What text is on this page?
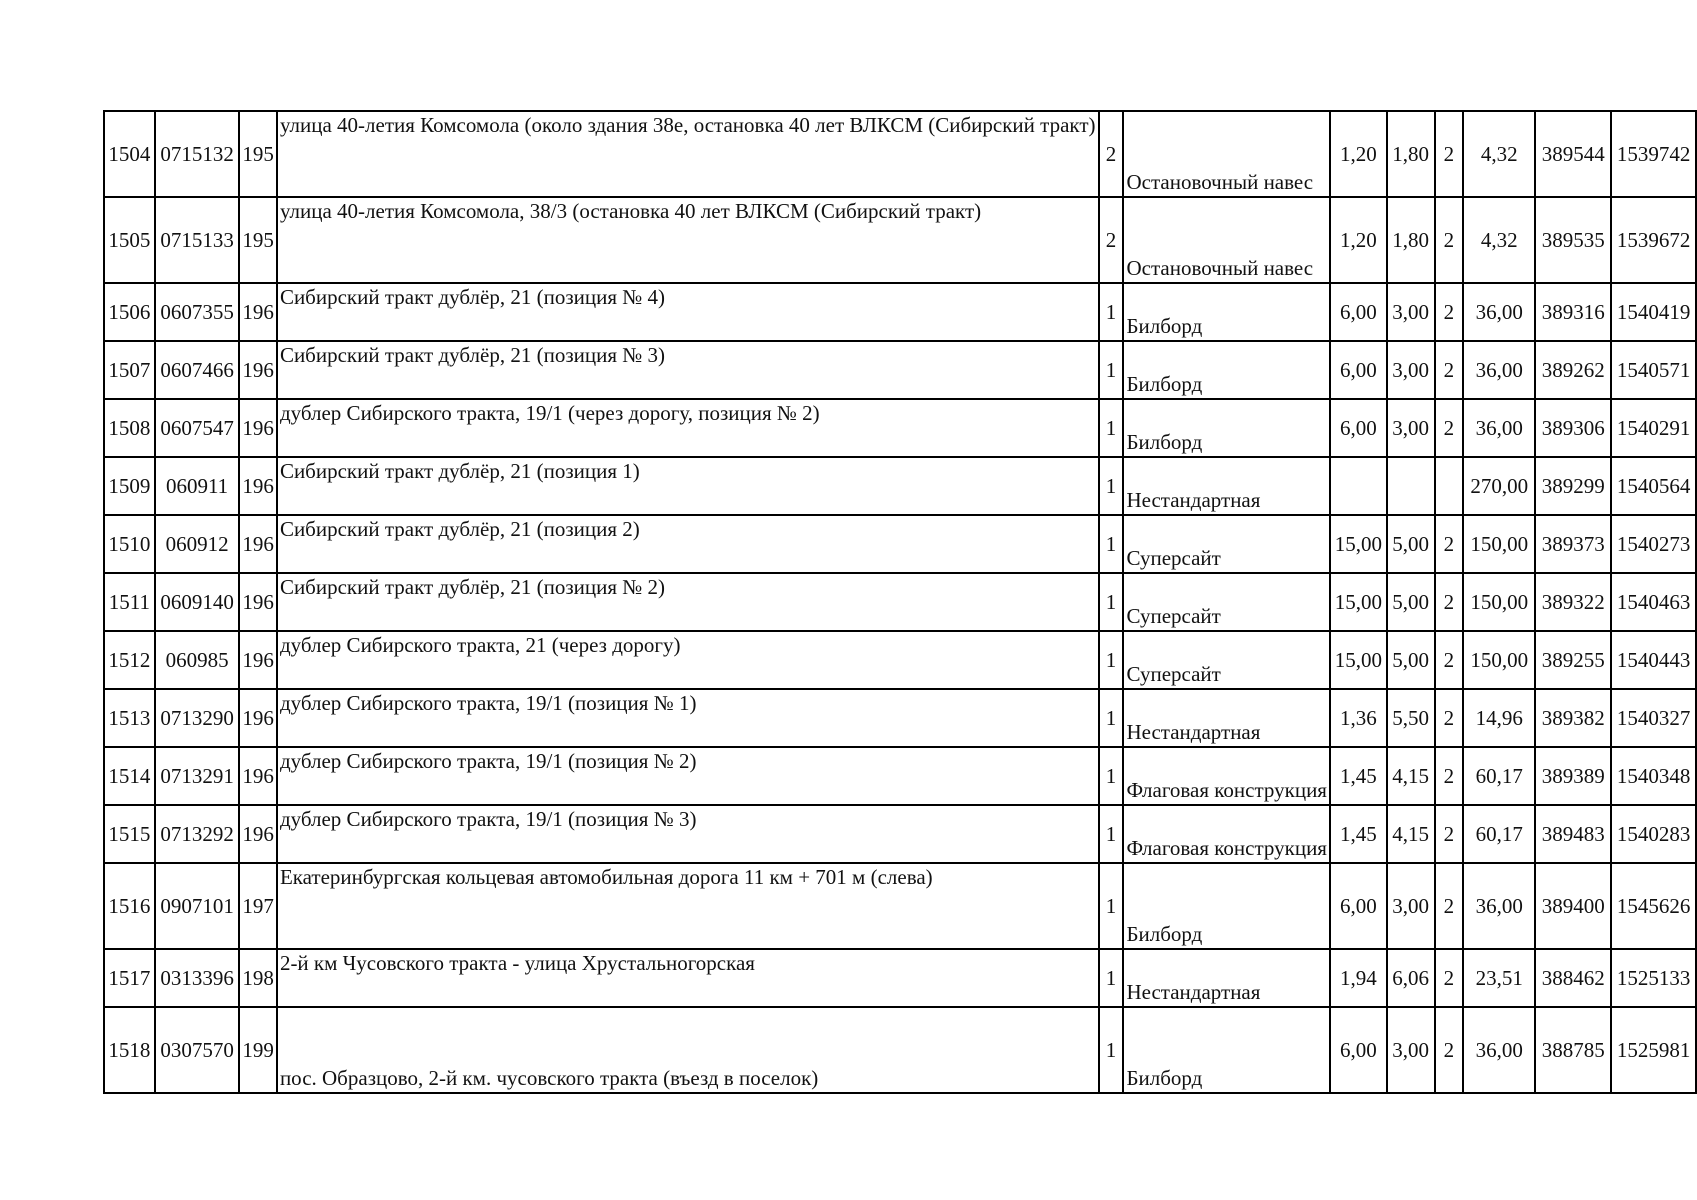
1504	0715132	195	улица 40-летия Комсомола (около здания 38е, остановка 40 лет ВЛКСМ (Сибирский тракт)	2	Остановочный навес	1,20	1,80	2	4,32	389544	1539742
1505	0715133	195	улица 40-летия Комсомола, 38/3 (остановка 40 лет ВЛКСМ (Сибирский тракт)	2	Остановочный навес	1,20	1,80	2	4,32	389535	1539672
1506	0607355	196	Сибирский тракт дублёр, 21 (позиция № 4)	1	Билборд	6,00	3,00	2	36,00	389316	1540419
1507	0607466	196	Сибирский тракт дублёр, 21 (позиция № 3)	1	Билборд	6,00	3,00	2	36,00	389262	1540571
1508	0607547	196	дублер Сибирского тракта, 19/1 (через дорогу, позиция № 2)	1	Билборд	6,00	3,00	2	36,00	389306	1540291
1509	060911	196	Сибирский тракт дублёр, 21 (позиция 1)	1	Нестандартная				270,00	389299	1540564
1510	060912	196	Сибирский тракт дублёр, 21 (позиция 2)	1	Суперсайт	15,00	5,00	2	150,00	389373	1540273
1511	0609140	196	Сибирский тракт дублёр, 21 (позиция № 2)	1	Суперсайт	15,00	5,00	2	150,00	389322	1540463
1512	060985	196	дублер Сибирского тракта, 21 (через дорогу)	1	Суперсайт	15,00	5,00	2	150,00	389255	1540443
1513	0713290	196	дублер Сибирского тракта, 19/1 (позиция № 1)	1	Нестандартная	1,36	5,50	2	14,96	389382	1540327
1514	0713291	196	дублер Сибирского тракта, 19/1 (позиция № 2)	1	Флаговая конструкция	1,45	4,15	2	60,17	389389	1540348
1515	0713292	196	дублер Сибирского тракта, 19/1 (позиция № 3)	1	Флаговая конструкция	1,45	4,15	2	60,17	389483	1540283
1516	0907101	197	Екатеринбургская кольцевая автомобильная дорога 11 км + 701 м (слева)	1	Билборд	6,00	3,00	2	36,00	389400	1545626
1517	0313396	198	2-й км Чусовского тракта - улица Хрустальногорская	1	Нестандартная	1,94	6,06	2	23,51	388462	1525133
1518	0307570	199	пос. Образцово, 2-й км. чусовского тракта (въезд в поселок)	1	Билборд	6,00	3,00	2	36,00	388785	1525981
